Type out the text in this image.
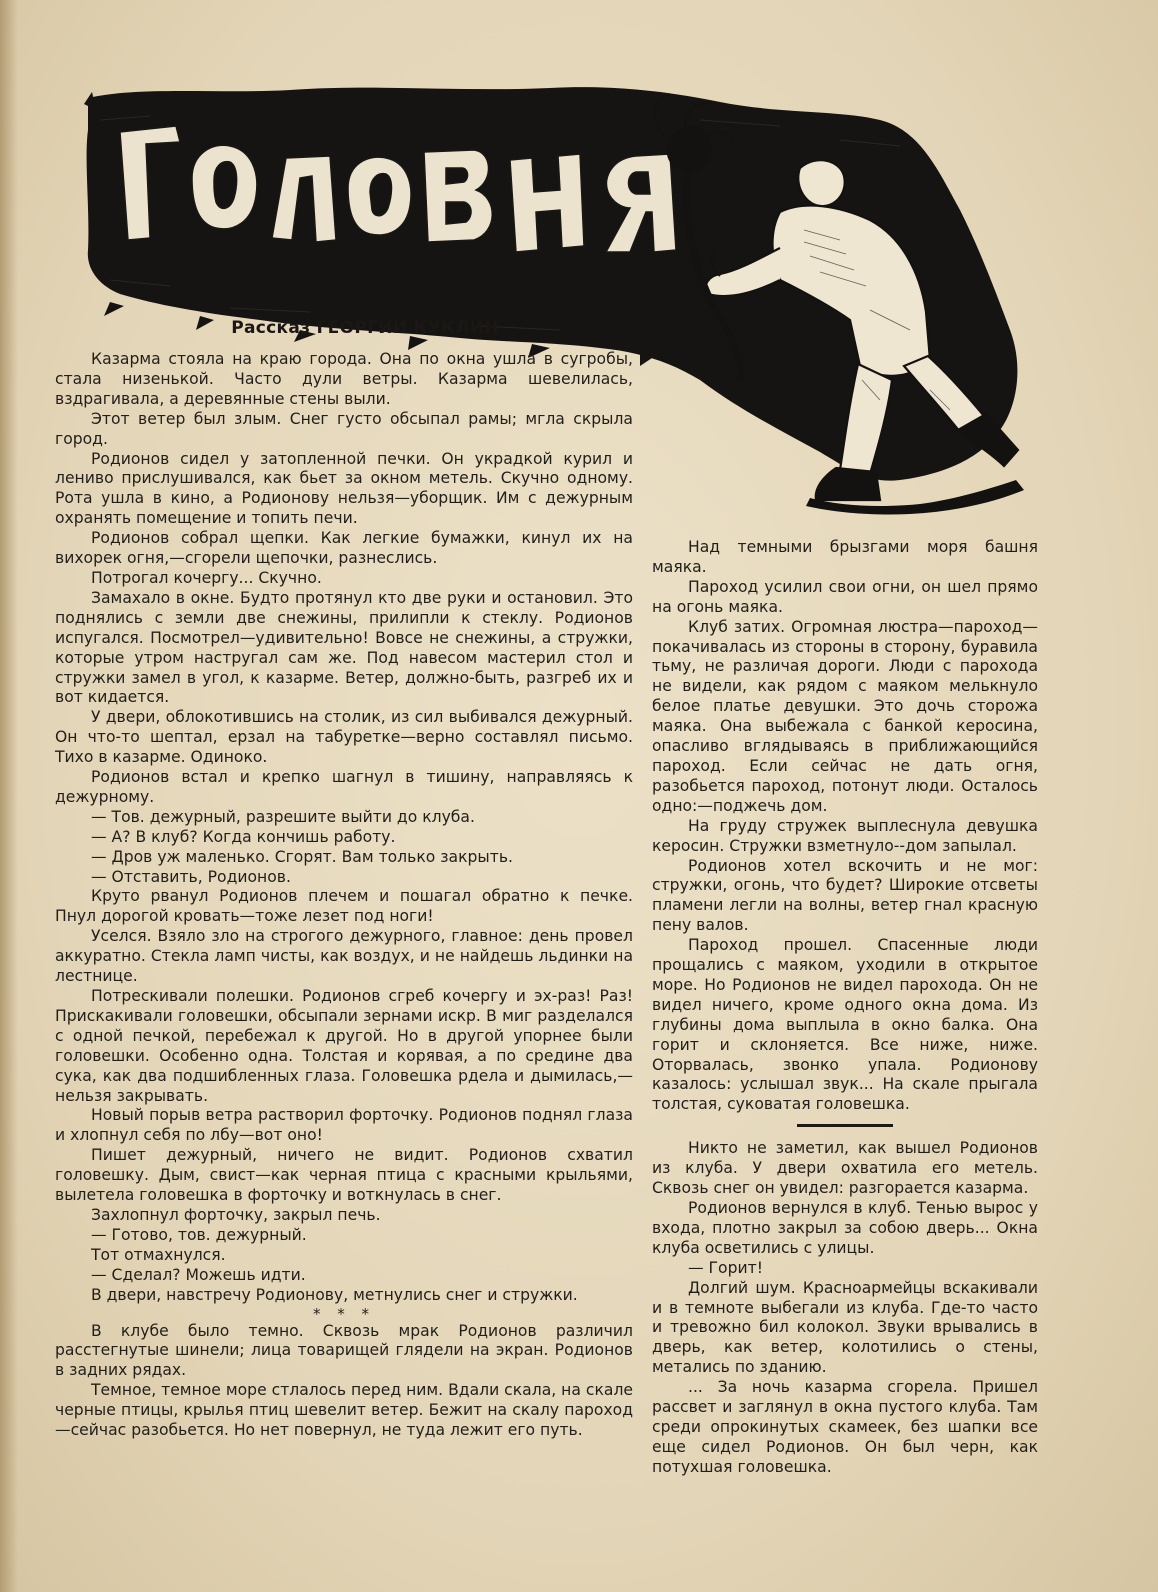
Рассказ ГЕОРГИЙ КУКЛИН

Казарма стояла на краю города. Она по окна ушла в сугробы, стала низенькой. Часто дули ветры. Казарма шевелилась, вздрагивала, а деревянные стены выли.

Этот ветер был злым. Снег густо обсыпал рамы; мгла скрыла город.

Родионов сидел у затопленной печки. Он украдкой курил и лениво прислушивался, как бьет за окном метель. Скучно одному. Рота ушла в кино, а Родионову нельзя—уборщик. Им с дежурным охранять помещение и топить печи.

Родионов собрал щепки. Как легкие бумажки, кинул их на вихорек огня,—сгорели щепочки, разнеслись.

Потрогал кочергу... Скучно.

Замахало в окне. Будто протянул кто две руки и остановил. Это поднялись с земли две снежины, прилипли к стеклу. Родионов испугался. Посмотрел—удивительно! Вовсе не снежины, а стружки, которые утром настругал сам же. Под навесом мастерил стол и стружки замел в угол, к казарме. Ветер, должно-быть, разгреб их и вот кидается.

У двери, облокотившись на столик, из сил выбивался дежурный. Он что-то шептал, ерзал на табуретке—верно составлял письмо. Тихо в казарме. Одиноко.

Родионов встал и крепко шагнул в тишину, направляясь к дежурному.

— Тов. дежурный, разрешите выйти до клуба.

— А? В клуб? Когда кончишь работу.

— Дров уж маленько. Сгорят. Вам только закрыть.

— Отставить, Родионов.

Круто рванул Родионов плечем и пошагал обратно к печке. Пнул дорогой кровать—тоже лезет под ноги!

Уселся. Взяло зло на строгого дежурного, главное: день провел аккуратно. Стекла ламп чисты, как воздух, и не найдешь льдинки на лестнице.

Потрескивали полешки. Родионов сгреб кочергу и эх-раз! Раз! Прискакивали головешки, обсыпали зернами искр. В миг разделался с одной печкой, перебежал к другой. Но в другой упорнее были головешки. Особенно одна. Толстая и корявая, а по средине два сука, как два подшибленных глаза. Головешка рдела и дымилась,—нельзя закрывать.

Новый порыв ветра растворил форточку. Родионов поднял глаза и хлопнул себя по лбу—вот оно!

Пишет дежурный, ничего не видит. Родионов схватил головешку. Дым, свист—как черная птица с красными крыльями, вылетела головешка в форточку и воткнулась в снег.

Захлопнул форточку, закрыл печь.

— Готово, тов. дежурный.

Тот отмахнулся.

— Сделал? Можешь идти.

В двери, навстречу Родионову, метнулись снег и стружки.

* * *

В клубе было темно. Сквозь мрак Родионов различил расстегнутые шинели; лица товарищей глядели на экран. Родионов в задних рядах.

Темное, темное море стлалось перед ним. Вдали скала, на скале черные птицы, крылья птиц шевелит ветер. Бежит на скалу пароход—сейчас разобьется. Но нет повернул, не туда лежит его путь.

Над темными брызгами моря башня маяка.

Пароход усилил свои огни, он шел прямо на огонь маяка.

Клуб затих. Огромная люстра—пароход—покачивалась из стороны в сторону, буравила тьму, не различая дороги. Люди с парохода не видели, как рядом с маяком мелькнуло белое платье девушки. Это дочь сторожа маяка. Она выбежала с банкой керосина, опасливо вглядываясь в приближающийся пароход. Если сейчас не дать огня, разобьется пароход, потонут люди. Осталось одно:—поджечь дом.

На груду стружек выплеснула девушка керосин. Стружки взметнуло--дом запылал.

Родионов хотел вскочить и не мог: стружки, огонь, что будет? Широкие отсветы пламени легли на волны, ветер гнал красную пену валов.

Пароход прошел. Спасенные люди прощались с маяком, уходили в открытое море. Но Родионов не видел парохода. Он не видел ничего, кроме одного окна дома. Из глубины дома выплыла в окно балка. Она горит и склоняется. Все ниже, ниже. Оторвалась, звонко упала. Родионову казалось: услышал звук... На скале прыгала толстая, суковатая головешка.

Никто не заметил, как вышел Родионов из клуба. У двери охватила его метель. Сквозь снег он увидел: разгорается казарма.

Родионов вернулся в клуб. Тенью вырос у входа, плотно закрыл за собою дверь... Окна клуба осветились с улицы.

— Горит!

Долгий шум. Красноармейцы вскакивали и в темноте выбегали из клуба. Где-то часто и тревожно бил колокол. Звуки врывались в дверь, как ветер, колотились о стены, метались по зданию.

... За ночь казарма сгорела. Пришел рассвет и заглянул в окна пустого клуба. Там среди опрокинутых скамеек, без шапки все еще сидел Родионов. Он был черн, как потухшая головешка.
